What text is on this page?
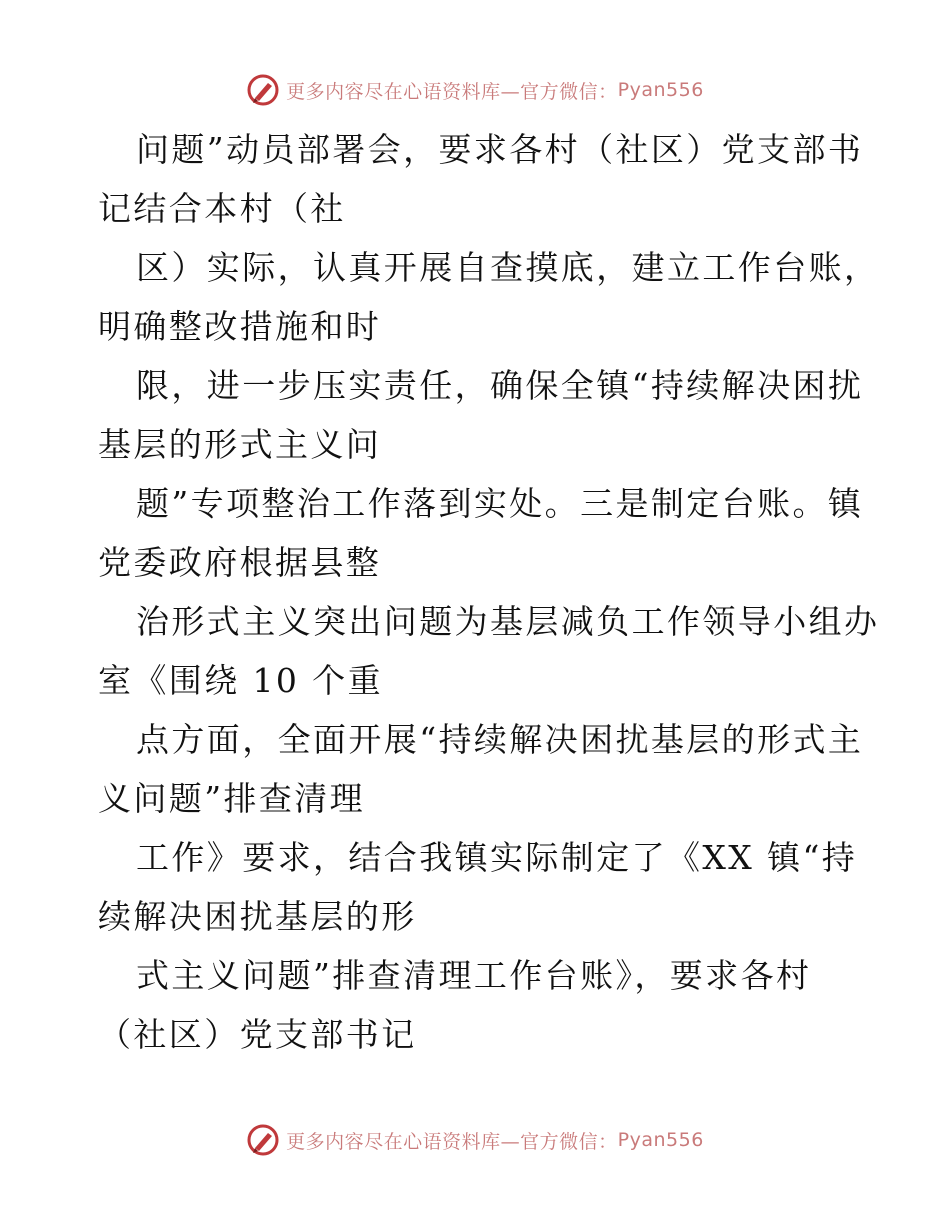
更多内容尽在心语资料库—官方微信： Pyan556
问题”动员部署会，要求各村（社区）党支部书
记结合本村（社
区）实际，认真开展自查摸底，建立工作台账，
明确整改措施和时
限，进一步压实责任，确保全镇“持续解决困扰
基层的形式主义问
题”专项整治工作落到实处。三是制定台账。镇
党委政府根据县整
治形式主义突出问题为基层减负工作领导小组办
室《围绕 10 个重
点方面，全面开展“持续解决困扰基层的形式主
义问题”排查清理
工作》要求，结合我镇实际制定了《XX 镇“持
续解决困扰基层的形
式主义问题”排查清理工作台账》，要求各村
（社区）党支部书记
更多内容尽在心语资料库—官方微信： Pyan556
